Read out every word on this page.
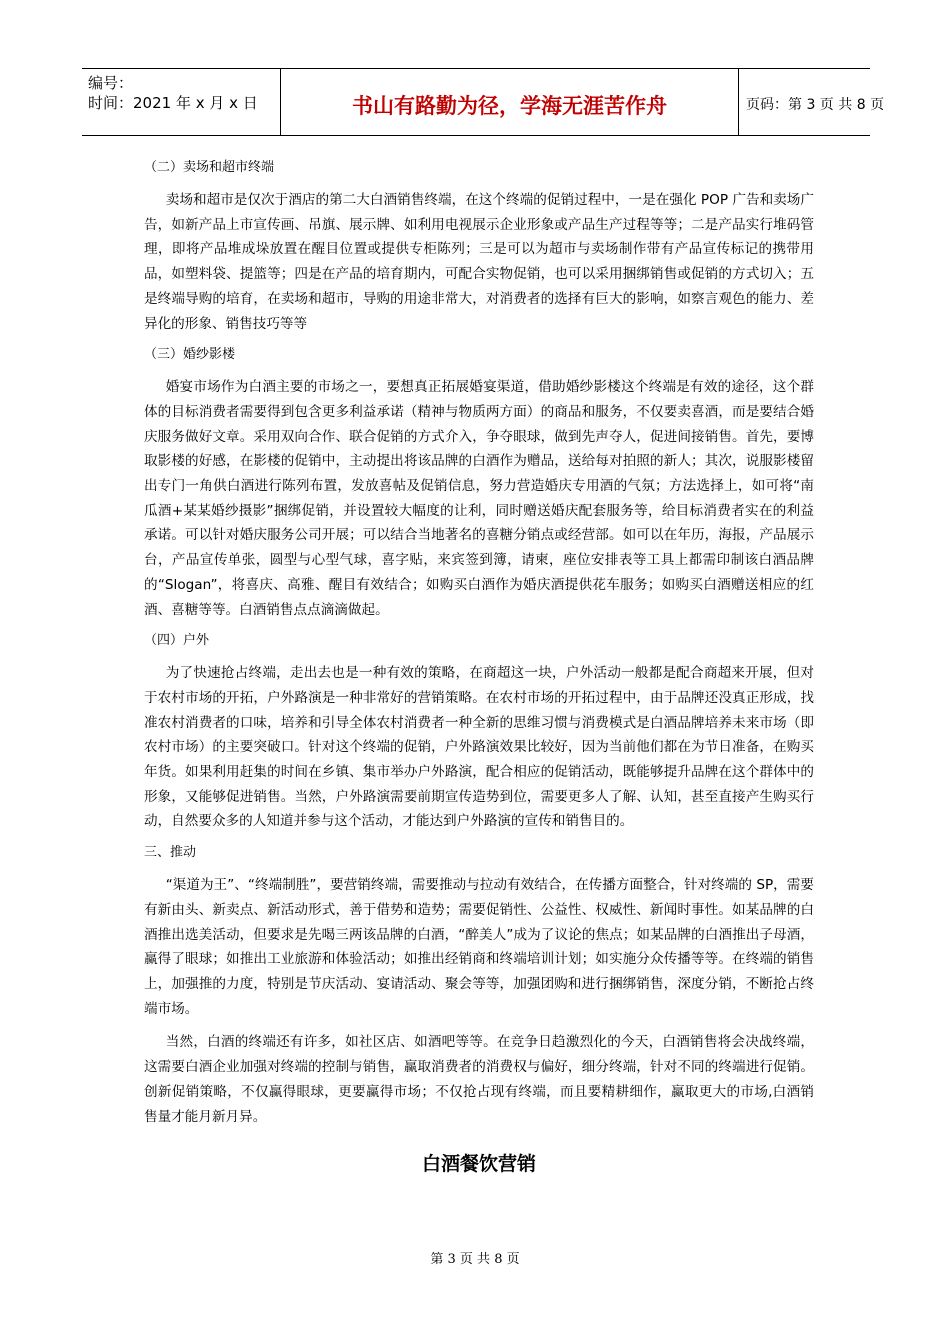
编号：
时间：2021 年 x 月 x 日	书山有路勤为径，学海无涯苦作舟	页码：第 3 页 共 8 页
（二）卖场和超市终端

卖场和超市是仅次于酒店的第二大白酒销售终端，在这个终端的促销过程中，一是在强化 POP 广告和卖场广告，如新产品上市宣传画、吊旗、展示牌、如利用电视展示企业形象或产品生产过程等等；二是产品实行堆码管理，即将产品堆成垛放置在醒目位置或提供专柜陈列；三是可以为超市与卖场制作带有产品宣传标记的携带用品，如塑料袋、提篮等；四是在产品的培育期内，可配合实物促销，也可以采用捆绑销售或促销的方式切入；五是终端导购的培育，在卖场和超市，导购的用途非常大，对消费者的选择有巨大的影响，如察言观色的能力、差异化的形象、销售技巧等等

（三）婚纱影楼

婚宴市场作为白酒主要的市场之一，要想真正拓展婚宴渠道，借助婚纱影楼这个终端是有效的途径，这个群体的目标消费者需要得到包含更多利益承诺（精神与物质两方面）的商品和服务，不仅要卖喜酒，而是要结合婚庆服务做好文章。采用双向合作、联合促销的方式介入，争夺眼球，做到先声夺人，促进间接销售。首先，要博取影楼的好感，在影楼的促销中，主动提出将该品牌的白酒作为赠品，送给每对拍照的新人；其次，说服影楼留出专门一角供白酒进行陈列布置，发放喜帖及促销信息，努力营造婚庆专用酒的气氛；方法选择上，如可将“南瓜酒+某某婚纱摄影”捆绑促销，并设置较大幅度的让利，同时赠送婚庆配套服务等，给目标消费者实在的利益承诺。可以针对婚庆服务公司开展；可以结合当地著名的喜糖分销点或经营部。如可以在年历，海报，产品展示台，产品宣传单张，圆型与心型气球，喜字贴，来宾签到簿，请柬，座位安排表等工具上都需印制该白酒品牌的“Slogan”，将喜庆、高雅、醒目有效结合；如购买白酒作为婚庆酒提供花车服务；如购买白酒赠送相应的红酒、喜糖等等。白酒销售点点滴滴做起。

（四）户外

为了快速抢占终端，走出去也是一种有效的策略，在商超这一块，户外活动一般都是配合商超来开展，但对于农村市场的开拓，户外路演是一种非常好的营销策略。在农村市场的开拓过程中，由于品牌还没真正形成，找准农村消费者的口味，培养和引导全体农村消费者一种全新的思维习惯与消费模式是白酒品牌培养未来市场（即农村市场）的主要突破口。针对这个终端的促销，户外路演效果比较好，因为当前他们都在为节日准备，在购买年货。如果利用赶集的时间在乡镇、集市举办户外路演，配合相应的促销活动，既能够提升品牌在这个群体中的形象，又能够促进销售。当然，户外路演需要前期宣传造势到位，需要更多人了解、认知，甚至直接产生购买行动，自然要众多的人知道并参与这个活动，才能达到户外路演的宣传和销售目的。

三、推动

“渠道为王”、“终端制胜”，要营销终端，需要推动与拉动有效结合，在传播方面整合，针对终端的 SP，需要有新由头、新卖点、新活动形式，善于借势和造势；需要促销性、公益性、权威性、新闻时事性。如某品牌的白酒推出选美活动，但要求是先喝三两该品牌的白酒，“醉美人”成为了议论的焦点；如某品牌的白酒推出子母酒，赢得了眼球；如推出工业旅游和体验活动；如推出经销商和终端培训计划；如实施分众传播等等。在终端的销售上，加强推的力度，特别是节庆活动、宴请活动、聚会等等，加强团购和进行捆绑销售，深度分销，不断抢占终端市场。

当然，白酒的终端还有许多，如社区店、如酒吧等等。在竞争日趋激烈化的今天，白酒销售将会决战终端，这需要白酒企业加强对终端的控制与销售，赢取消费者的消费权与偏好，细分终端，针对不同的终端进行促销。创新促销策略，不仅赢得眼球，更要赢得市场；不仅抢占现有终端，而且要精耕细作，赢取更大的市场,白酒销售量才能月新月异。

白酒餐饮营销
第 3 页 共 8 页
